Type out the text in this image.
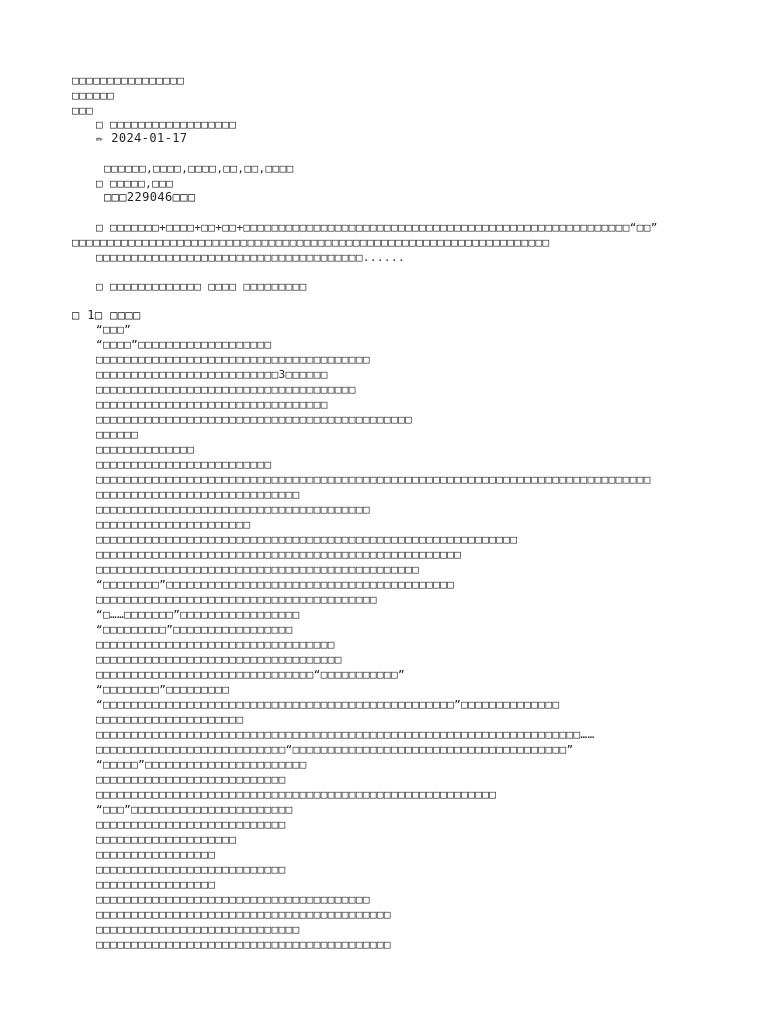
□□□□□□□□□□□□□□□□
□□□□□□
□□□
□ □□□□□□□□□□□□□□□□□□
✏ 2024-01-17
□□□□□□,□□□□,□□□□,□□,□□,□□□□
□ □□□□□,□□□
□□□229046□□□
□ □□□□□□□+□□□□+□□+□□+□□□□□□□□□□□□□□□□□□□□□□□□□□□□□□□□□□□□□□□□□□□□□□□□□□□□□□□“□□”
□□□□□□□□□□□□□□□□□□□□□□□□□□□□□□□□□□□□□□□□□□□□□□□□□□□□□□□□□□□□□□□□□□□□
□□□□□□□□□□□□□□□□□□□□□□□□□□□□□□□□□□□□□□......
□ □□□□□□□□□□□□□ □□□□ □□□□□□□□□
□ 1□ □□□□
“□□□”
“□□□□”□□□□□□□□□□□□□□□□□□□
□□□□□□□□□□□□□□□□□□□□□□□□□□□□□□□□□□□□□□□
□□□□□□□□□□□□□□□□□□□□□□□□□□3□□□□□□
□□□□□□□□□□□□□□□□□□□□□□□□□□□□□□□□□□□□□
□□□□□□□□□□□□□□□□□□□□□□□□□□□□□□□□□
□□□□□□□□□□□□□□□□□□□□□□□□□□□□□□□□□□□□□□□□□□□□□
□□□□□□
□□□□□□□□□□□□□□
□□□□□□□□□□□□□□□□□□□□□□□□□
□□□□□□□□□□□□□□□□□□□□□□□□□□□□□□□□□□□□□□□□□□□□□□□□□□□□□□□□□□□□□□□□□□□□□□□□□□□□□□□
□□□□□□□□□□□□□□□□□□□□□□□□□□□□□
□□□□□□□□□□□□□□□□□□□□□□□□□□□□□□□□□□□□□□□
□□□□□□□□□□□□□□□□□□□□□□
□□□□□□□□□□□□□□□□□□□□□□□□□□□□□□□□□□□□□□□□□□□□□□□□□□□□□□□□□□□□
□□□□□□□□□□□□□□□□□□□□□□□□□□□□□□□□□□□□□□□□□□□□□□□□□□□□
□□□□□□□□□□□□□□□□□□□□□□□□□□□□□□□□□□□□□□□□□□□□□□
“□□□□□□□□”□□□□□□□□□□□□□□□□□□□□□□□□□□□□□□□□□□□□□□□□□
□□□□□□□□□□□□□□□□□□□□□□□□□□□□□□□□□□□□□□□□
“□……□□□□□□□”□□□□□□□□□□□□□□□□□
“□□□□□□□□□”□□□□□□□□□□□□□□□□□
□□□□□□□□□□□□□□□□□□□□□□□□□□□□□□□□□□
□□□□□□□□□□□□□□□□□□□□□□□□□□□□□□□□□□□
□□□□□□□□□□□□□□□□□□□□□□□□□□□□□□□“□□□□□□□□□□□”
“□□□□□□□□”□□□□□□□□□
“□□□□□□□□□□□□□□□□□□□□□□□□□□□□□□□□□□□□□□□□□□□□□□□□□□”□□□□□□□□□□□□□□
□□□□□□□□□□□□□□□□□□□□□
□□□□□□□□□□□□□□□□□□□□□□□□□□□□□□□□□□□□□□□□□□□□□□□□□□□□□□□□□□□□□□□□□□□□□……
□□□□□□□□□□□□□□□□□□□□□□□□□□□“□□□□□□□□□□□□□□□□□□□□□□□□□□□□□□□□□□□□□□□”
“□□□□□”□□□□□□□□□□□□□□□□□□□□□□□
□□□□□□□□□□□□□□□□□□□□□□□□□□□
□□□□□□□□□□□□□□□□□□□□□□□□□□□□□□□□□□□□□□□□□□□□□□□□□□□□□□□□□
“□□□”□□□□□□□□□□□□□□□□□□□□□□□
□□□□□□□□□□□□□□□□□□□□□□□□□□□
□□□□□□□□□□□□□□□□□□□□
□□□□□□□□□□□□□□□□□
□□□□□□□□□□□□□□□□□□□□□□□□□□□
□□□□□□□□□□□□□□□□□
□□□□□□□□□□□□□□□□□□□□□□□□□□□□□□□□□□□□□□□
□□□□□□□□□□□□□□□□□□□□□□□□□□□□□□□□□□□□□□□□□□
□□□□□□□□□□□□□□□□□□□□□□□□□□□□□
□□□□□□□□□□□□□□□□□□□□□□□□□□□□□□□□□□□□□□□□□□
